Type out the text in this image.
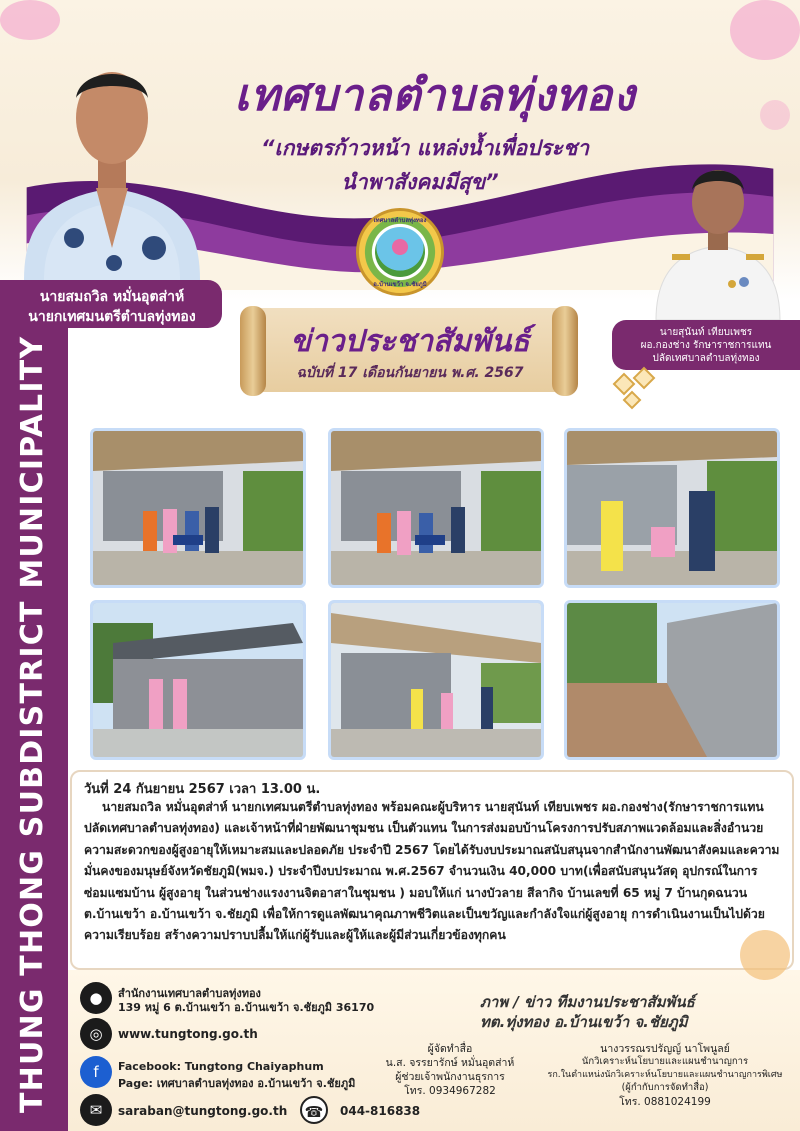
เทศบาลตำบลทุ่งทอง
“เกษตรก้าวหน้า แหล่งน้ำเพื่อประชา
นำพาสังคมมีสุข”
เทศบาลตำบลทุ่งทอง
อ.บ้านเขว้า จ.ชัยภูมิ
นายสมถวิล หมั่นอุตส่าห์
นายกเทศมนตรีตำบลทุ่งทอง
นายสุนันท์ เทียบเพชร
ผอ.กองช่าง รักษาราชการแทน
ปลัดเทศบาลตำบลทุ่งทอง
ข่าวประชาสัมพันธ์
ฉบับที่ 17 เดือนกันยายน พ.ศ. 2567
THUNG THONG SUBDISTRICT MUNICIPALITY	วันที่ 24 กันยายน 2567 เวลา 13.00 น.
นายสมถวิล หมั่นอุตส่าห์ นายกเทศมนตรีตำบลทุ่งทอง พร้อมคณะผู้บริหาร นายสุนันท์ เทียบเพชร ผอ.กองช่าง(รักษาราชการแทนปลัดเทศบาลตำบลทุ่งทอง) และเจ้าหน้าที่ฝ่ายพัฒนาชุมชน เป็นตัวแทน ในการส่งมอบบ้านโครงการปรับสภาพแวดล้อมและสิ่งอำนวยความสะดวกของผู้สูงอายุให้เหมาะสมและปลอดภัย ประจำปี 2567 โดยได้รับงบประมาณสนับสนุนจากสำนักงานพัฒนาสังคมและความมั่นคงของมนุษย์จังหวัดชัยภูมิ(พมจ.) ประจำปีงบประมาณ พ.ศ.2567 จำนวนเงิน 40,000 บาท(เพื่อสนับสนุนวัสดุ อุปกรณ์ในการซ่อมแซมบ้าน ผู้สูงอายุ ในส่วนช่างแรงงานจิตอาสาในชุมชน ) มอบให้แก่ นางบัวลาย สีลากิจ บ้านเลขที่ 65 หมู่ 7 บ้านกุดฉนวน ต.บ้านเขว้า อ.บ้านเขว้า จ.ชัยภูมิ เพื่อให้การดูแลพัฒนาคุณภาพชีวิตและเป็นขวัญและกำลังใจแก่ผู้สูงอายุ การดำเนินงานเป็นไปด้วยความเรียบร้อย สร้างความปราบปลื้มให้แก่ผู้รับและผู้ให้และผู้มีส่วนเกี่ยวข้องทุกคน
●	สำนักงานเทศบาลตำบลทุ่งทอง
139 หมู่ 6 ต.บ้านเขว้า อ.บ้านเขว้า จ.ชัยภูมิ 36170
◎	www.tungtong.go.th
f	Facebook: Tungtong Chaiyaphum
Page: เทศบาลตำบลทุ่งทอง อ.บ้านเขว้า จ.ชัยภูมิ
✉	saraban@tungtong.go.th	☎	044-816838
ภาพ / ข่าว ทีมงานประชาสัมพันธ์
ทต.ทุ่งทอง อ.บ้านเขว้า จ.ชัยภูมิ
ผู้จัดทำสื่อ
น.ส. จรรยารักษ์ หมั่นอุตส่าห์
ผู้ช่วยเจ้าพนักงานธุรการ
โทร. 0934967282
นางวรรณรปรัญญ์ นาโพนูลย์
นักวิเคราะห์นโยบายและแผนชำนาญการ
รก.ในตำแหน่งนักวิเคราะห์นโยบายและแผนชำนาญการพิเศษ
(ผู้กำกับการจัดทำสื่อ)
โทร. 0881024199
